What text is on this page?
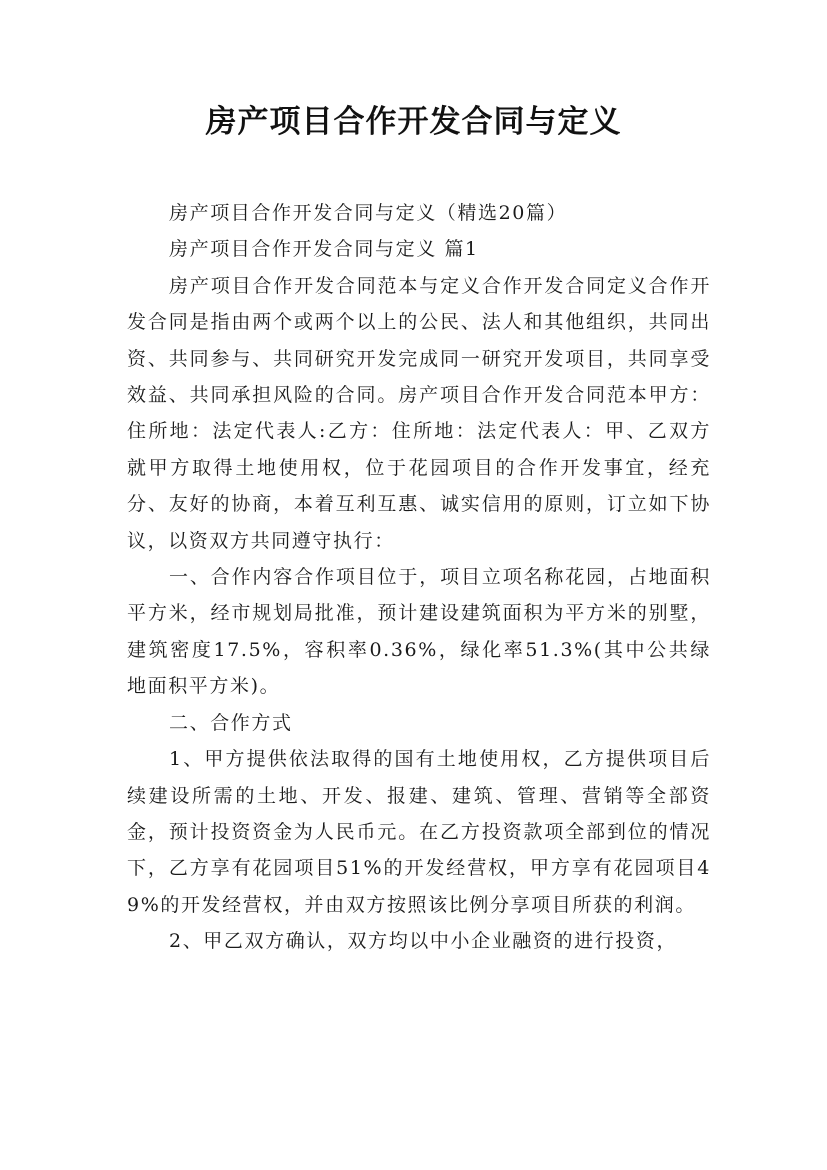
房产项目合作开发合同与定义

房产项目合作开发合同与定义（精选20篇）

房产项目合作开发合同与定义 篇1

房产项目合作开发合同范本与定义合作开发合同定义合作开发合同是指由两个或两个以上的公民、法人和其他组织，共同出资、共同参与、共同研究开发完成同一研究开发项目，共同享受效益、共同承担风险的合同。房产项目合作开发合同范本甲方：住所地：法定代表人:乙方：住所地：法定代表人：甲、乙双方就甲方取得土地使用权，位于花园项目的合作开发事宜，经充分、友好的协商，本着互利互惠、诚实信用的原则，订立如下协议，以资双方共同遵守执行：

一、合作内容合作项目位于，项目立项名称花园，占地面积平方米，经市规划局批准，预计建设建筑面积为平方米的别墅，建筑密度17.5%，容积率0.36%，绿化率51.3%(其中公共绿地面积平方米)。

二、合作方式

1、甲方提供依法取得的国有土地使用权，乙方提供项目后续建设所需的土地、开发、报建、建筑、管理、营销等全部资金，预计投资资金为人民币元。在乙方投资款项全部到位的情况下，乙方享有花园项目51%的开发经营权，甲方享有花园项目49%的开发经营权，并由双方按照该比例分享项目所获的利润。

2、甲乙双方确认，双方均以中小企业融资的进行投资，
